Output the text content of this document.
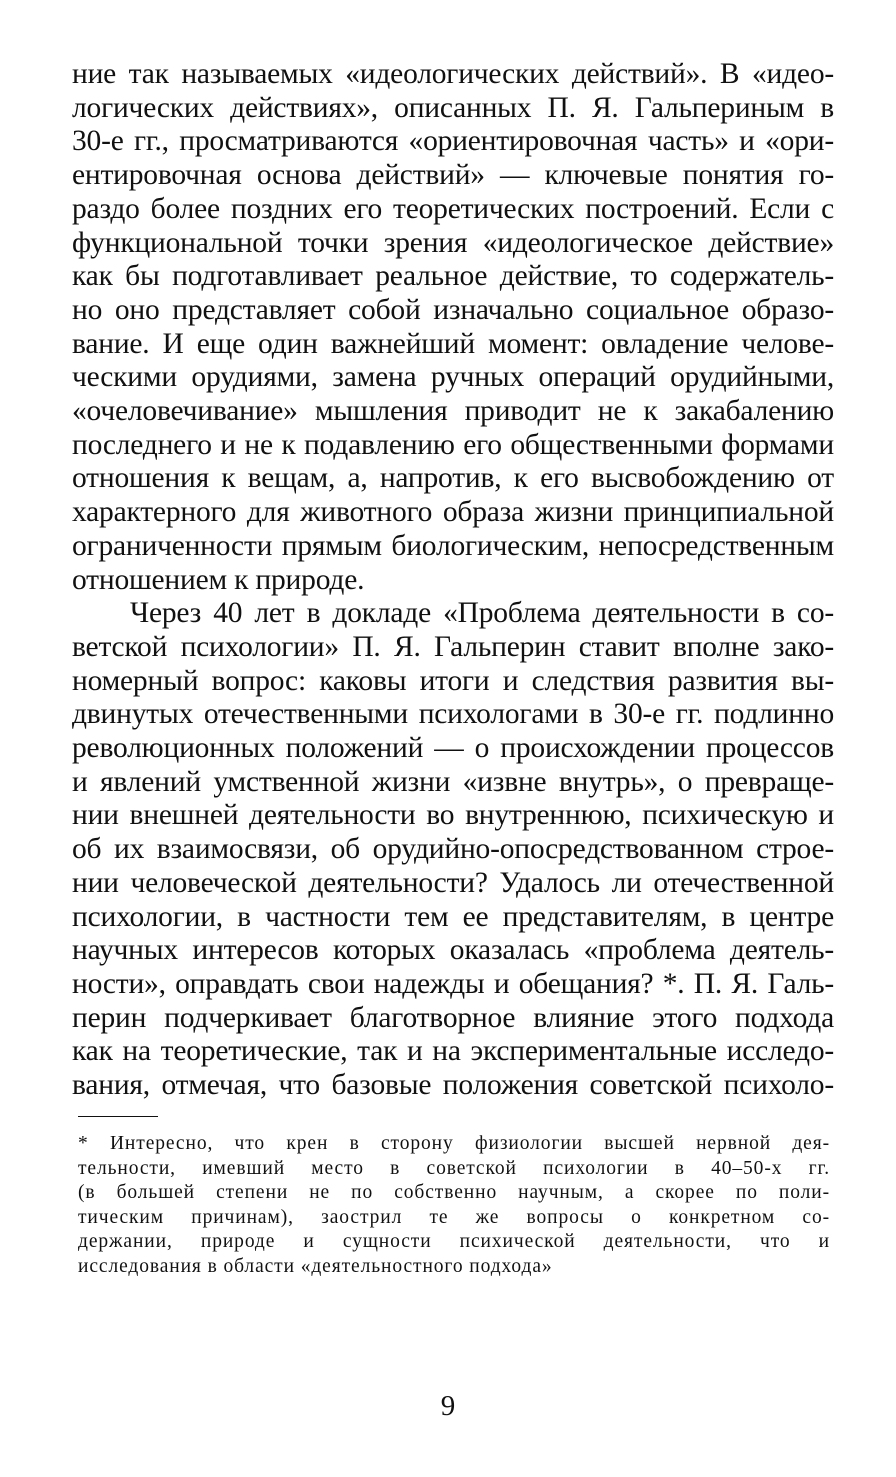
ние так называемых «идеологических действий». В «идео-
логических действиях», описанных П. Я. Гальпериным в
30-е гг., просматриваются «ориентировочная часть» и «ори-
ентировочная основа действий» — ключевые понятия го-
раздо более поздних его теоретических построений. Если с
функциональной точки зрения «идеологическое действие»
как бы подготавливает реальное действие, то содержатель-
но оно представляет собой изначально социальное образо-
вание. И еще один важнейший момент: овладение челове-
ческими орудиями, замена ручных операций орудийными,
«очеловечивание» мышления приводит не к закабалению
последнего и не к подавлению его общественными формами
отношения к вещам, а, напротив, к его высвобождению от
характерного для животного образа жизни принципиальной
ограниченности прямым биологическим, непосредственным
отношением к природе.
Через 40 лет в докладе «Проблема деятельности в со-
ветской психологии» П. Я. Гальперин ставит вполне зако-
номерный вопрос: каковы итоги и следствия развития вы-
двинутых отечественными психологами в 30-е гг. подлинно
революционных положений — о происхождении процессов
и явлений умственной жизни «извне внутрь», о превраще-
нии внешней деятельности во внутреннюю, психическую и
об их взаимосвязи, об орудийно-опосредствованном строе-
нии человеческой деятельности? Удалось ли отечественной
психологии, в частности тем ее представителям, в центре
научных интересов которых оказалась «проблема деятель-
ности», оправдать свои надежды и обещания? *. П. Я. Галь-
перин подчеркивает благотворное влияние этого подхода
как на теоретические, так и на экспериментальные исследо-
вания, отмечая, что базовые положения советской психоло-
* Интересно, что крен в сторону физиологии высшей нервной дея-
тельности, имевший место в советской психологии в 40–50-х гг.
(в большей степени не по собственно научным, а скорее по поли-
тическим причинам), заострил те же вопросы о конкретном со-
держании, природе и сущности психической деятельности, что и
исследования в области «деятельностного подхода»
9
